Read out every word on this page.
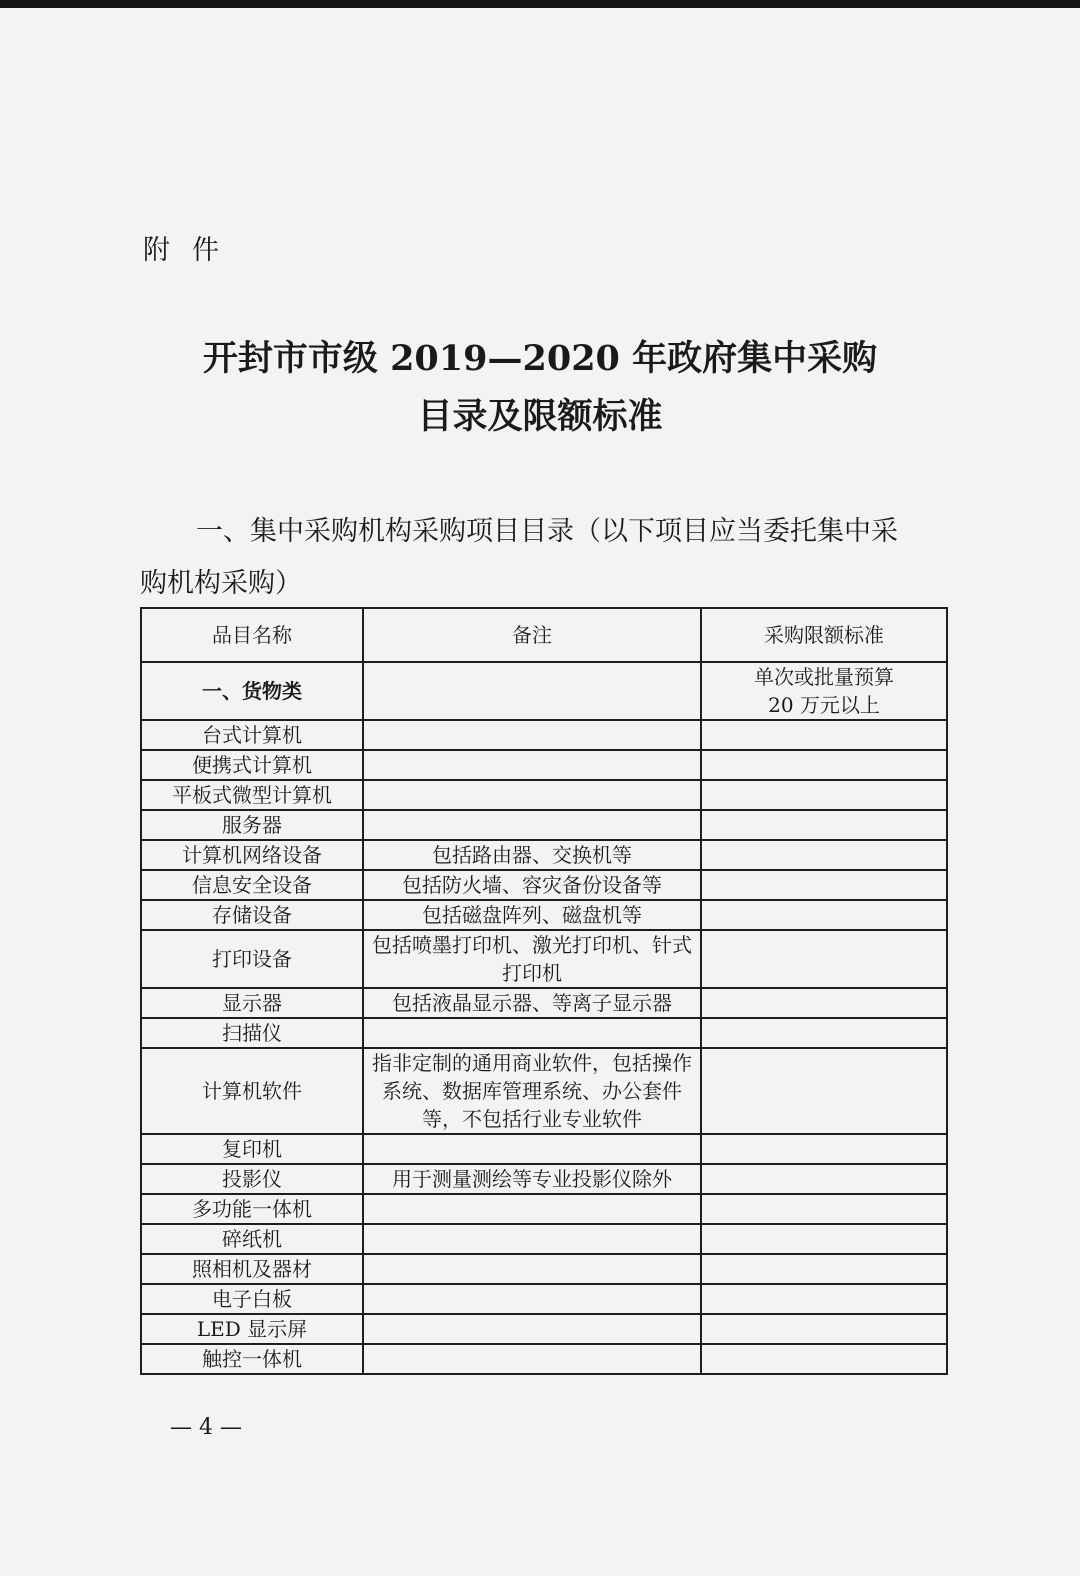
附件
开封市市级 2019—2020 年政府集中采购
目录及限额标准
一、集中采购机构采购项目目录（以下项目应当委托集中采
购机构采购）
品目名称	备注	采购限额标准
一、货物类		单次或批量预算
20 万元以上

台式计算机		
便携式计算机		
平板式微型计算机		
服务器		
计算机网络设备	包括路由器、交换机等	
信息安全设备	包括防火墙、容灾备份设备等	
存储设备	包括磁盘阵列、磁盘机等	
打印设备	包括喷墨打印机、激光打印机、针式打印机	
显示器	包括液晶显示器、等离子显示器	
扫描仪		
计算机软件	指非定制的通用商业软件，包括操作系统、数据库管理系统、办公套件等，不包括行业专业软件	
复印机		
投影仪	用于测量测绘等专业投影仪除外	
多功能一体机		
碎纸机		
照相机及器材		
电子白板		
LED 显示屏		
触控一体机		
— 4 —
